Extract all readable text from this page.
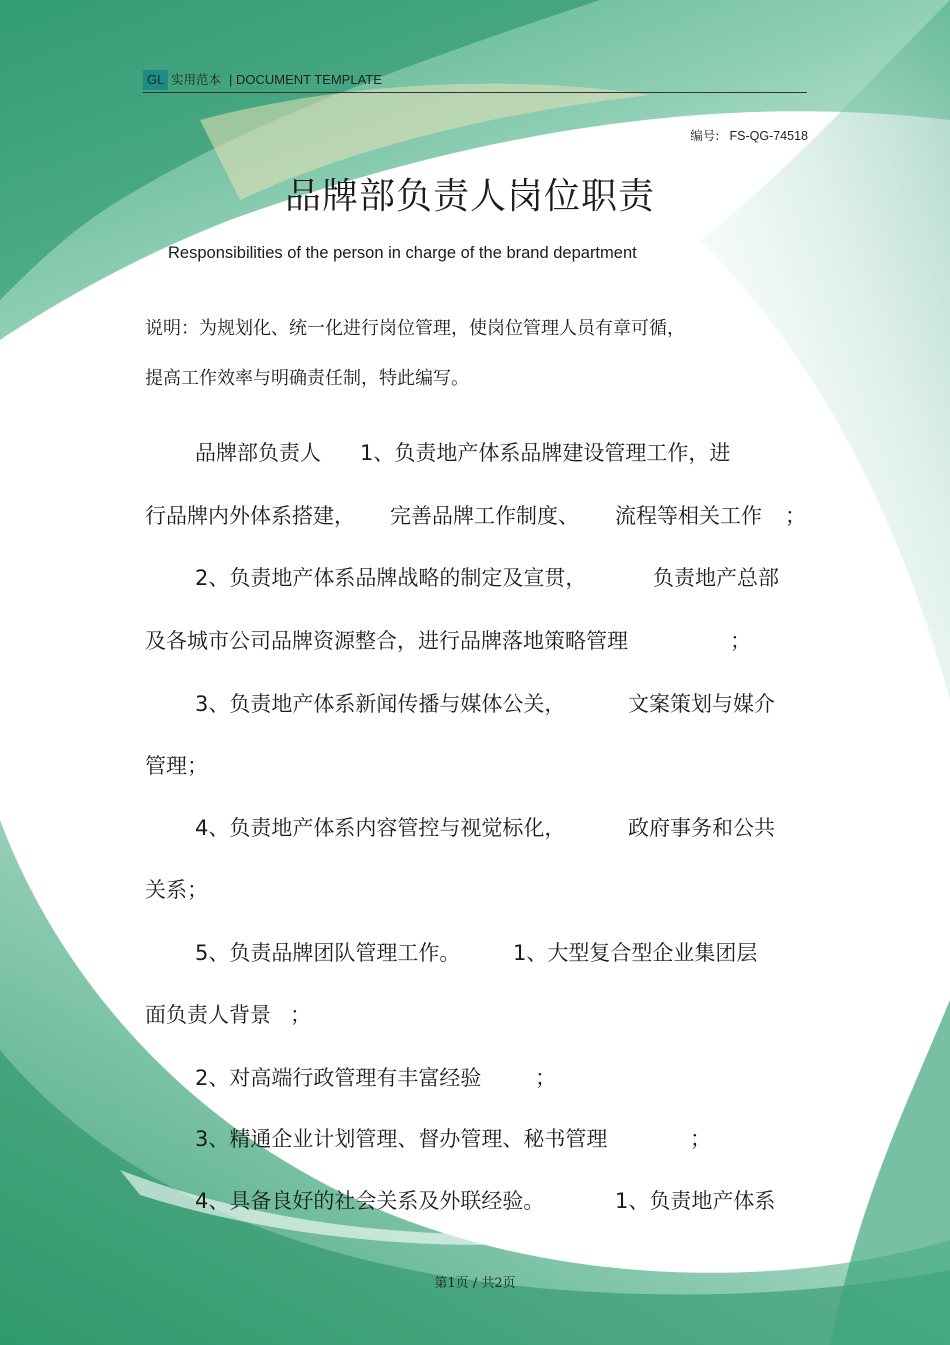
GL 实用范本 | DOCUMENT TEMPLATE
编号: FS-QG-74518
品牌部负责人岗位职责
Responsibilities of the person in charge of the brand department
说明：为规划化、统一化进行岗位管理，使岗位管理人员有章可循，
提高工作效率与明确责任制，特此编写。
品牌部负责人 1、负责地产体系品牌建设管理工作，进
行品牌内外体系搭建， 完善品牌工作制度、 流程等相关工作 ；
2、负责地产体系品牌战略的制定及宣贯，	负责地产总部
及各城市公司品牌资源整合，进行品牌落地策略管理	；
3、负责地产体系新闻传播与媒体公关，	文案策划与媒介
管理；
4、负责地产体系内容管控与视觉标化，	政府事务和公共
关系；
5、负责品牌团队管理工作。	1、大型复合型企业集团层
面负责人背景 ；
2、对高端行政管理有丰富经验	；
3、精通企业计划管理、督办管理、秘书管理	；
4、具备良好的社会关系及外联经验。	1、负责地产体系
第1页 / 共2页
